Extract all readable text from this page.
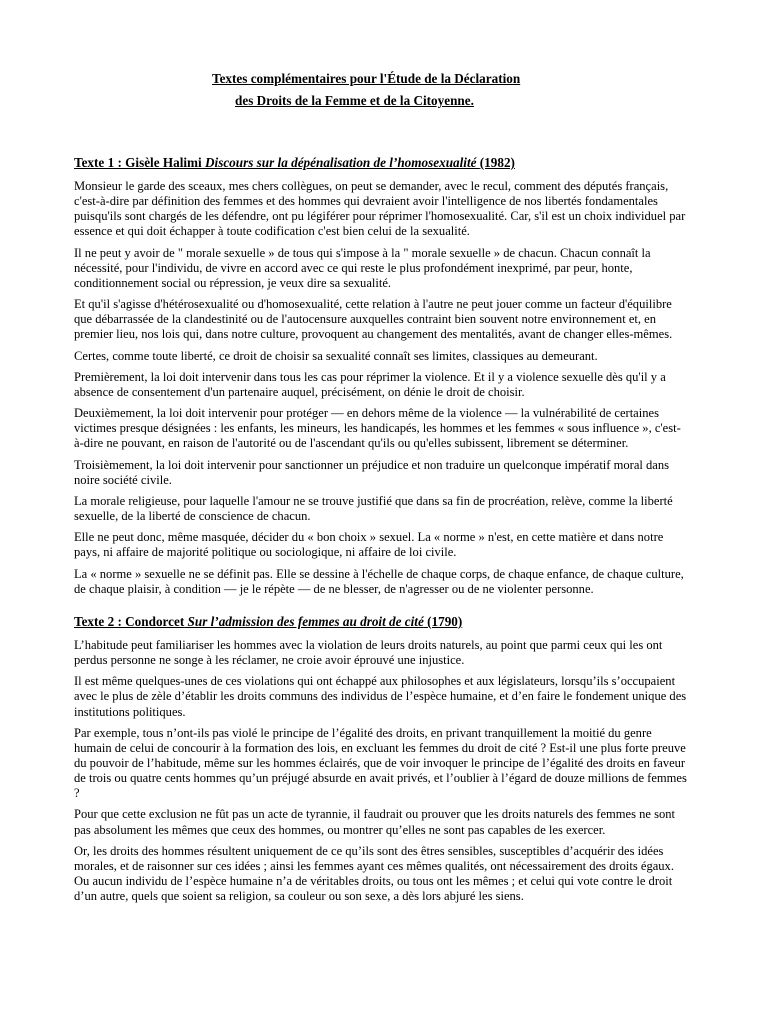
Textes complémentaires pour l'Étude de la Déclaration
des Droits de la Femme et de la Citoyenne.
Texte 1 : Gisèle Halimi Discours sur la dépénalisation de l’homosexualité (1982)

Monsieur le garde des sceaux, mes chers collègues, on peut se demander, avec le recul, comment des députés français, c'est-à-dire par définition des femmes et des hommes qui devraient avoir l'intelligence de nos libertés fondamentales puisqu'ils sont chargés de les défendre, ont pu légiférer pour réprimer l'homosexualité. Car, s'il est un choix individuel par essence et qui doit échapper à toute codification c'est bien celui de la sexualité.

Il ne peut y avoir de " morale sexuelle » de tous qui s'impose à la " morale sexuelle » de chacun. Chacun connaît la nécessité, pour l'individu, de vivre en accord avec ce qui reste le plus profondément inexprimé, par peur, honte, conditionnement social ou répression, je veux dire sa sexualité.

Et qu'il s'agisse d'hétérosexualité ou d'homosexualité, cette relation à l'autre ne peut jouer comme un facteur d'équilibre que débarrassée de la clandestinité ou de l'autocensure auxquelles contraint bien souvent notre environnement et, en premier lieu, nos lois qui, dans notre culture, provoquent au changement des mentalités, avant de changer elles-mêmes.

Certes, comme toute liberté, ce droit de choisir sa sexualité connaît ses limites, classiques au demeurant.

Premièrement, la loi doit intervenir dans tous les cas pour réprimer la violence. Et il y a violence sexuelle dès qu'il y a absence de consentement d'un partenaire auquel, précisément, on dénie le droit de choisir.

Deuxièmement, la loi doit intervenir pour protéger — en dehors même de la violence — la vulnérabilité de certaines victimes presque désignées : les enfants, les mineurs, les handicapés, les hommes et les femmes « sous influence », c'est-à-dire ne pouvant, en raison de l'autorité ou de l'ascendant qu'ils ou qu'elles subissent, librement se déterminer.

Troisièmement, la loi doit intervenir pour sanctionner un préjudice et non traduire un quelconque impératif moral dans noire société civile.

La morale religieuse, pour laquelle l'amour ne se trouve justifié que dans sa fin de procréation, relève, comme la liberté sexuelle, de la liberté de conscience de chacun.

Elle ne peut donc, même masquée, décider du « bon choix » sexuel. La « norme » n'est, en cette matière et dans notre pays, ni affaire de majorité politique ou sociologique, ni affaire de loi civile.

La « norme » sexuelle ne se définit pas. Elle se dessine à l'échelle de chaque corps, de chaque enfance, de chaque culture, de chaque plaisir, à condition — je le répète — de ne blesser, de n'agresser ou de ne violenter personne.

Texte 2 : Condorcet Sur l’admission des femmes au droit de cité (1790)

L’habitude peut familiariser les hommes avec la violation de leurs droits naturels, au point que parmi ceux qui les ont perdus personne ne songe à les réclamer, ne croie avoir éprouvé une injustice.

Il est même quelques-unes de ces violations qui ont échappé aux philosophes et aux législateurs, lorsqu’ils s’occupaient avec le plus de zèle d’établir les droits communs des individus de l’espèce humaine, et d’en faire le fondement unique des institutions politiques.

Par exemple, tous n’ont-ils pas violé le principe de l’égalité des droits, en privant tranquillement la moitié du genre humain de celui de concourir à la formation des lois, en excluant les femmes du droit de cité ? Est-il une plus forte preuve du pouvoir de l’habitude, même sur les hommes éclairés, que de voir invoquer le principe de l’égalité des droits en faveur de trois ou quatre cents hommes qu’un préjugé absurde en avait privés, et l’oublier à l’égard de douze millions de femmes ?

Pour que cette exclusion ne fût pas un acte de tyrannie, il faudrait ou prouver que les droits naturels des femmes ne sont pas absolument les mêmes que ceux des hommes, ou montrer qu’elles ne sont pas capables de les exercer.

Or, les droits des hommes résultent uniquement de ce qu’ils sont des êtres sensibles, susceptibles d’acquérir des idées morales, et de raisonner sur ces idées ; ainsi les femmes ayant ces mêmes qualités, ont nécessairement des droits égaux. Ou aucun individu de l’espèce humaine n’a de véritables droits, ou tous ont les mêmes ; et celui qui vote contre le droit d’un autre, quels que soient sa religion, sa couleur ou son sexe, a dès lors abjuré les siens.
